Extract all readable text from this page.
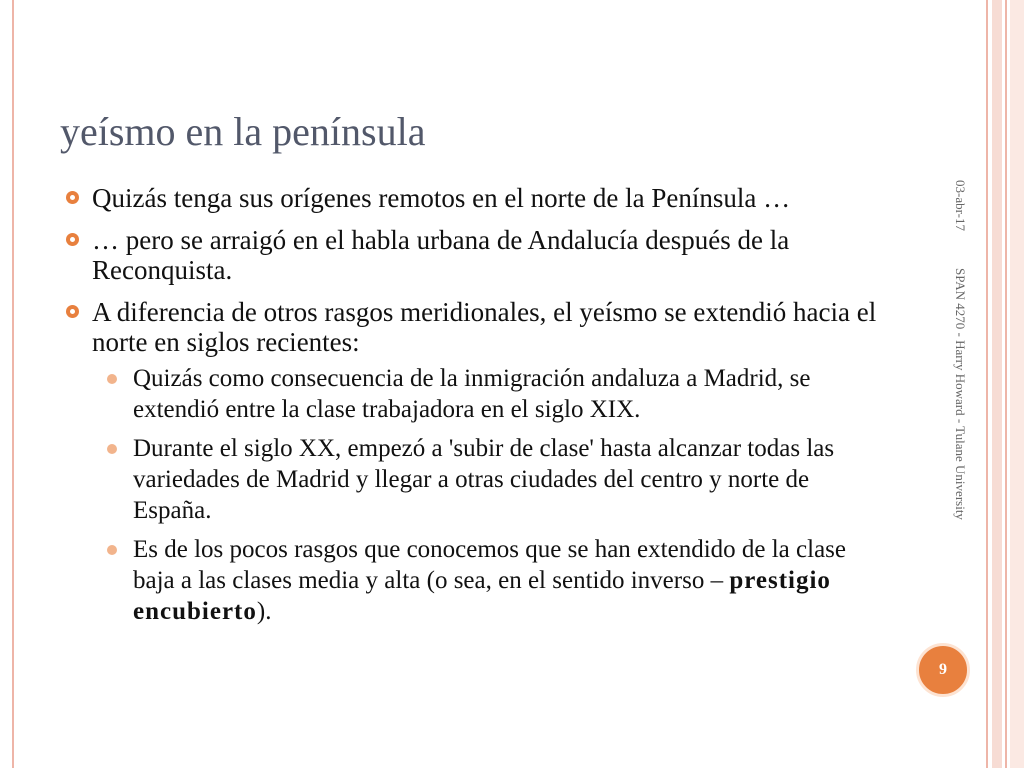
yeísmo en la península
Quizás tenga sus orígenes remotos en el norte de la Península …
… pero se arraigó en el habla urbana de Andalucía después de la Reconquista.
A diferencia de otros rasgos meridionales, el yeísmo se extendió hacia el norte en siglos recientes:
Quizás como consecuencia de la inmigración andaluza a Madrid, se extendió entre la clase trabajadora en el siglo XIX.
Durante el siglo XX, empezó a 'subir de clase' hasta alcanzar todas las variedades de Madrid y llegar a otras ciudades del centro y norte de España.
Es de los pocos rasgos que conocemos que se han extendido de la clase baja a las clases media y alta (o sea, en el sentido inverso – prestigio encubierto).
03-abr-17
SPAN 4270 - Harry Howard - Tulane University
9
